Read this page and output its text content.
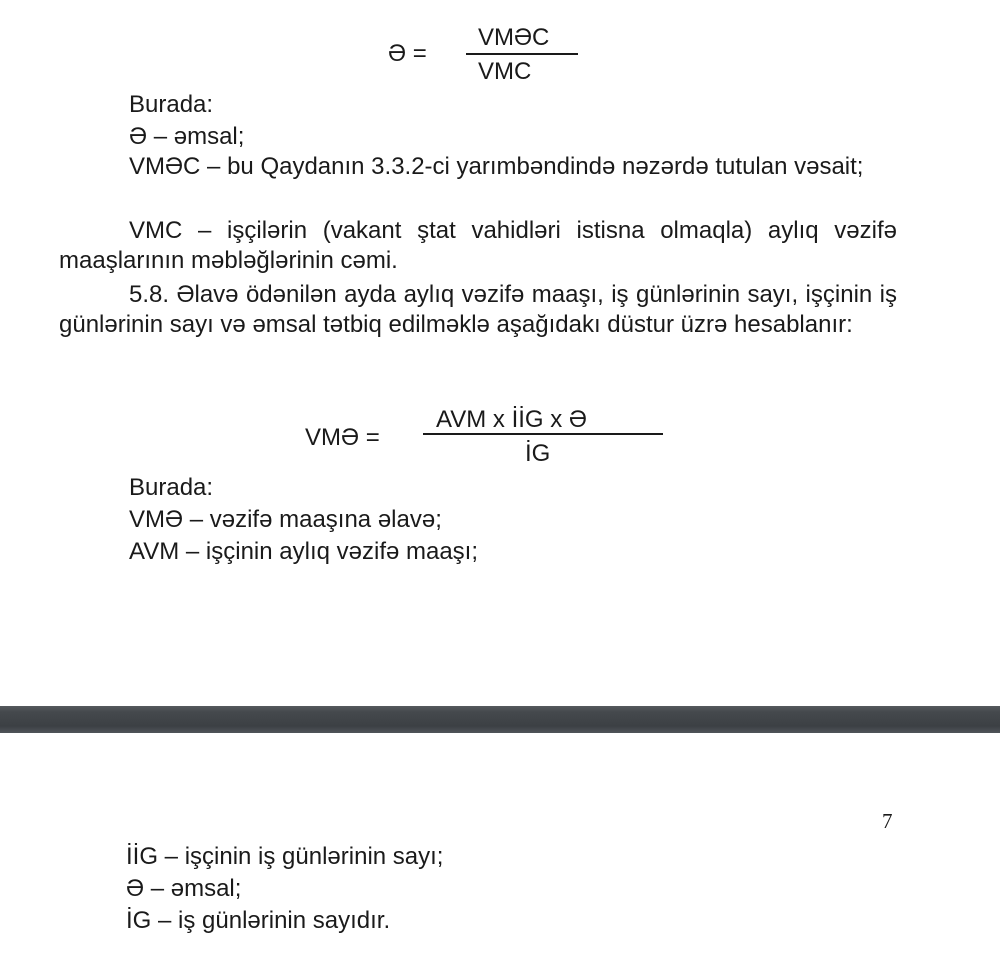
Ə =
VMƏC
VMC
Burada:
Ə – əmsal;
VMƏC – bu Qaydanın 3.3.2-ci yarımbəndində nəzərdə tutulan vəsait;
VMC – işçilərin (vakant ştat vahidləri istisna olmaqla) aylıq vəzifə maaşlarının məbləğlərinin cəmi.
5.8. Əlavə ödənilən ayda aylıq vəzifə maaşı, iş günlərinin sayı, işçinin iş günlərinin sayı və əmsal tətbiq edilməklə aşağıdakı düstur üzrə hesablanır:
VMƏ =
AVM x İİG x Ə
İG
Burada:
VMƏ – vəzifə maaşına əlavə;
AVM – işçinin aylıq vəzifə maaşı;
7
İİG – işçinin iş günlərinin sayı;
Ə – əmsal;
İG – iş günlərinin sayıdır.
